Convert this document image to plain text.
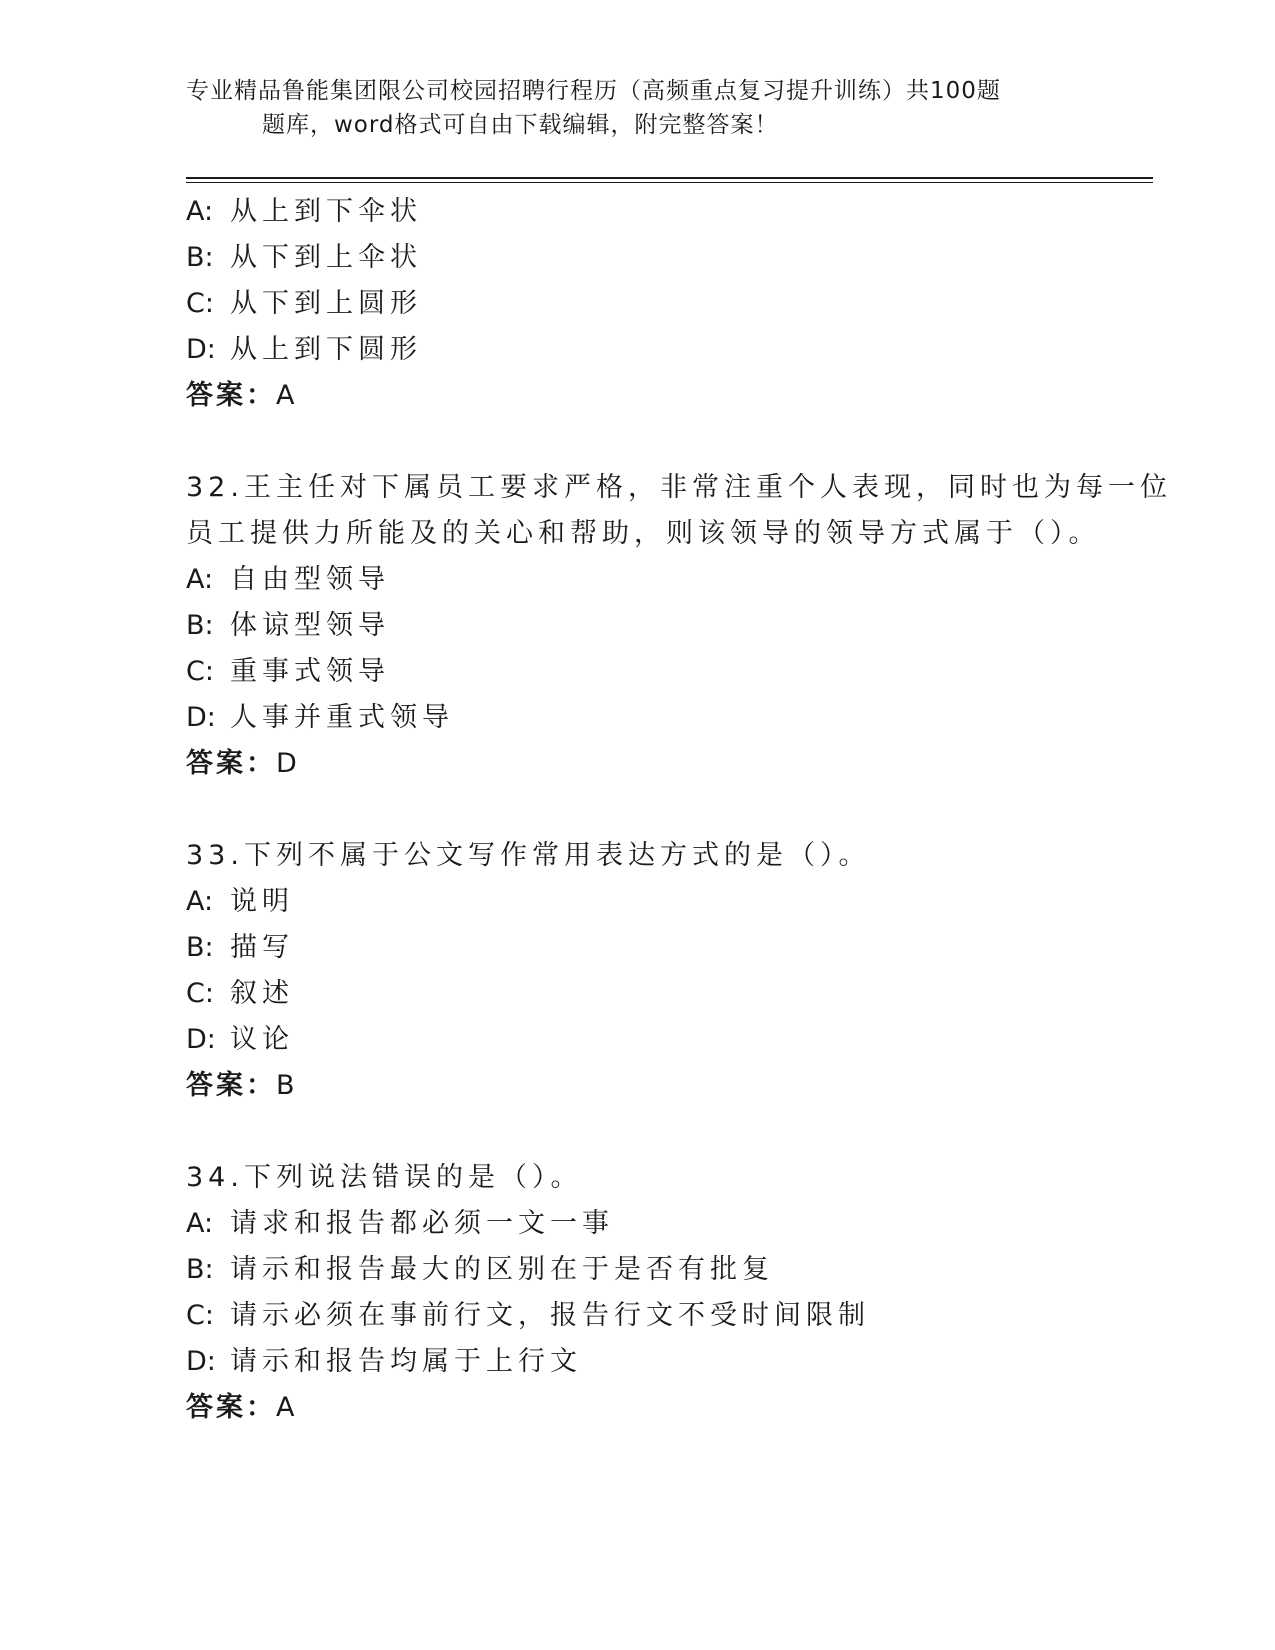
专业精品鲁能集团限公司校园招聘行程历（高频重点复习提升训练）共100题
题库，word格式可自由下载编辑，附完整答案！
A: 从上到下伞状
B: 从下到上伞状
C: 从下到上圆形
D: 从上到下圆形
答案：A
32.王主任对下属员工要求严格，非常注重个人表现，同时也为每一位
员工提供力所能及的关心和帮助，则该领导的领导方式属于（）。
A: 自由型领导
B: 体谅型领导
C: 重事式领导
D: 人事并重式领导
答案：D
33.下列不属于公文写作常用表达方式的是（）。
A: 说明
B: 描写
C: 叙述
D: 议论
答案：B
34.下列说法错误的是（）。
A: 请求和报告都必须一文一事
B: 请示和报告最大的区别在于是否有批复
C: 请示必须在事前行文，报告行文不受时间限制
D: 请示和报告均属于上行文
答案：A
